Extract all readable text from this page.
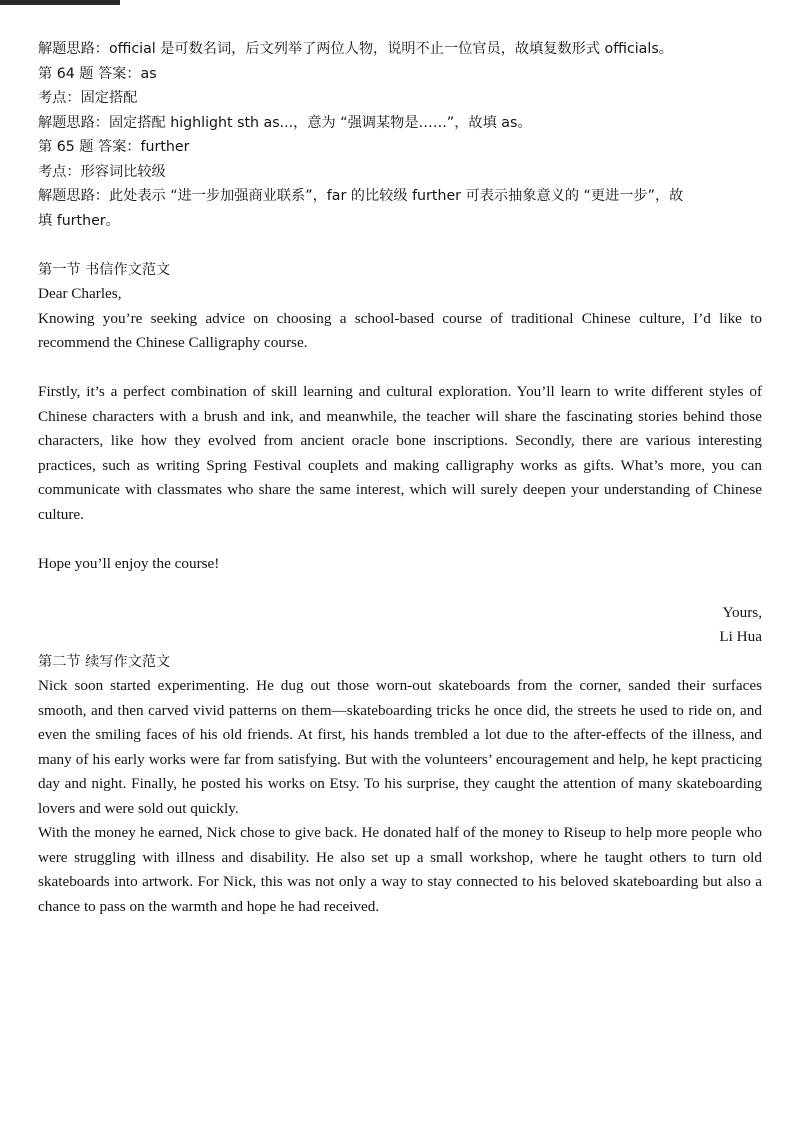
解题思路：official 是可数名词，后文列举了两位人物，说明不止一位官员，故填复数形式 officials。
第 64 题 答案：as
考点：固定搭配
解题思路：固定搭配 highlight sth as...，意为 “强调某物是……”，故填 as。
第 65 题 答案：further
考点：形容词比较级
解题思路：此处表示 “进一步加强商业联系”，far 的比较级 further 可表示抽象意义的 “更进一步”，故
填 further。
第一节 书信作文范文
Dear Charles,
Knowing you’re seeking advice on choosing a school-based course of traditional Chinese culture, I’d like to recommend the Chinese Calligraphy course.
Firstly, it’s a perfect combination of skill learning and cultural exploration. You’ll learn to write different styles of Chinese characters with a brush and ink, and meanwhile, the teacher will share the fascinating stories behind those characters, like how they evolved from ancient oracle bone inscriptions. Secondly, there are various interesting practices, such as writing Spring Festival couplets and making calligraphy works as gifts. What’s more, you can communicate with classmates who share the same interest, which will surely deepen your understanding of Chinese culture.
Hope you’ll enjoy the course!
Yours,
Li Hua
第二节 续写作文范文
Nick soon started experimenting. He dug out those worn-out skateboards from the corner, sanded their surfaces smooth, and then carved vivid patterns on them—skateboarding tricks he once did, the streets he used to ride on, and even the smiling faces of his old friends. At first, his hands trembled a lot due to the after-effects of the illness, and many of his early works were far from satisfying. But with the volunteers’ encouragement and help, he kept practicing day and night. Finally, he posted his works on Etsy. To his surprise, they caught the attention of many skateboarding lovers and were sold out quickly.
With the money he earned, Nick chose to give back. He donated half of the money to Riseup to help more people who were struggling with illness and disability. He also set up a small workshop, where he taught others to turn old skateboards into artwork. For Nick, this was not only a way to stay connected to his beloved skateboarding but also a chance to pass on the warmth and hope he had received.
